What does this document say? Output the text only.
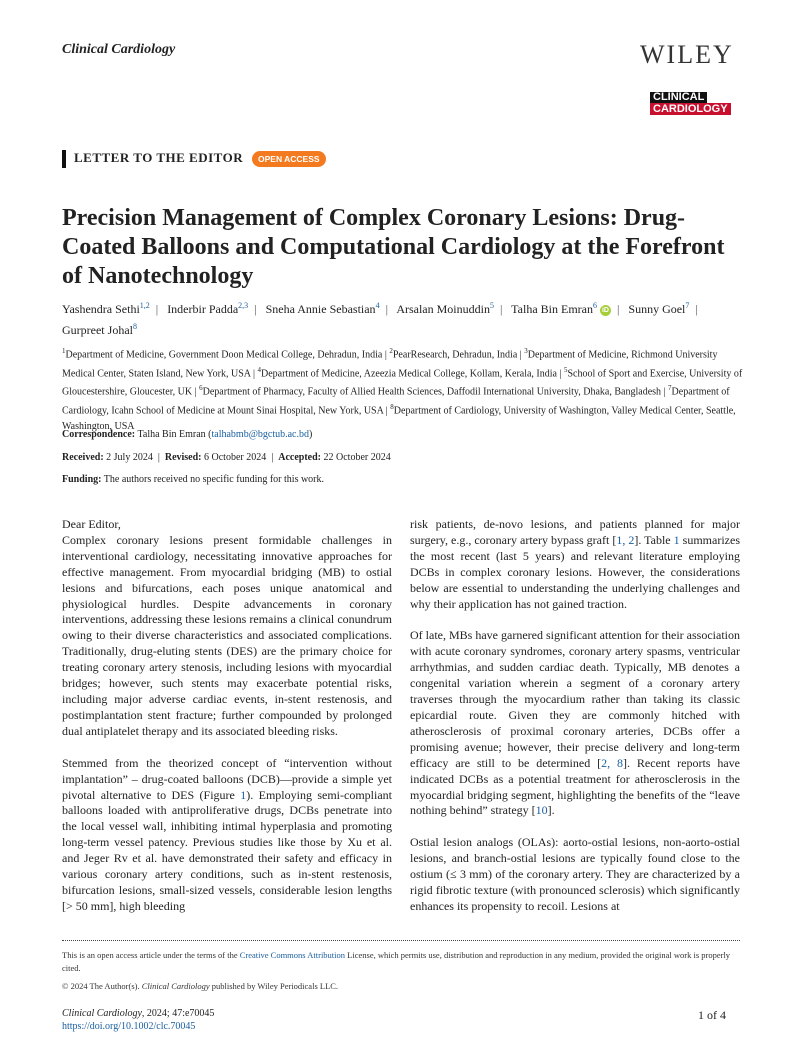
Clinical Cardiology	WILEY
CLINICAL
CARDIOLOGY
LETTER TO THE EDITOR	OPEN ACCESS
Precision Management of Complex Coronary Lesions: Drug-Coated Balloons and Computational Cardiology at the Forefront of Nanotechnology
Yashendra Sethi$^{1,2}$ | Inderbir Padda$^{2,3}$ | Sneha Annie Sebastian$^4$ | Arsalan Moinuddin$^5$ | Talha Bin Emran$^6$iD | Sunny Goel$^7$ |
Gurpreet Johal$^8$
$^1$Department of Medicine, Government Doon Medical College, Dehradun, India | $^2$PearResearch, Dehradun, India | $^3$Department of Medicine, Richmond University Medical Center, Staten Island, New York, USA | $^4$Department of Medicine, Azeezia Medical College, Kollam, Kerala, India | $^5$School of Sport and Exercise, University of Gloucestershire, Gloucester, UK | $^6$Department of Pharmacy, Faculty of Allied Health Sciences, Daffodil International University, Dhaka, Bangladesh | $^7$Department of Cardiology, Icahn School of Medicine at Mount Sinai Hospital, New York, USA | $^8$Department of Cardiology, University of Washington, Valley Medical Center, Seattle, Washington, USA
Correspondence: Talha Bin Emran (talhabmb@bgctub.ac.bd)
Received: 2 July 2024  |  Revised: 6 October 2024  |  Accepted: 22 October 2024
Funding: The authors received no specific funding for this work.

Dear Editor,

Complex coronary lesions present formidable challenges in interventional cardiology, necessitating innovative approaches for effective management. From myocardial bridging (MB) to ostial lesions and bifurcations, each poses unique anatomical and physiological hurdles. Despite advancements in coronary interventions, addressing these lesions remains a clinical conundrum owing to their diverse characteristics and associated complications. Traditionally, drug-eluting stents (DES) are the primary choice for treating coronary artery stenosis, including lesions with myocardial bridges; however, such stents may exacerbate potential risks, including major adverse cardiac events, in-stent restenosis, and postimplantation stent fracture; further compounded by prolonged dual antiplatelet therapy and its associated bleeding risks.

Stemmed from the theorized concept of “intervention without implantation” – drug-coated balloons (DCB)—provide a simple yet pivotal alternative to DES (Figure 1). Employing semi-compliant balloons loaded with antiproliferative drugs, DCBs penetrate into the local vessel wall, inhibiting intimal hyperplasia and promoting long-term vessel patency. Previous studies like those by Xu et al. and Jeger Rv et al. have demonstrated their safety and efficacy in various coronary artery conditions, such as in-stent restenosis, bifurcation lesions, small-sized vessels, considerable lesion lengths [> 50 mm], high bleeding

risk patients, de-novo lesions, and patients planned for major surgery, e.g., coronary artery bypass graft [1, 2]. Table 1 summarizes the most recent (last 5 years) and relevant literature employing DCBs in complex coronary lesions. However, the considerations below are essential to understanding the underlying challenges and why their application has not gained traction.

Of late, MBs have garnered significant attention for their association with acute coronary syndromes, coronary artery spasms, ventricular arrhythmias, and sudden cardiac death. Typically, MB denotes a congenital variation wherein a segment of a coronary artery traverses through the myocardium rather than taking its classic epicardial route. Given they are commonly hitched with atherosclerosis of proximal coronary arteries, DCBs offer a promising avenue; however, their precise delivery and long-term efficacy are still to be determined [2, 8]. Recent reports have indicated DCBs as a potential treatment for atherosclerosis in the myocardial bridging segment, highlighting the benefits of the “leave nothing behind” strategy [10].

Ostial lesion analogs (OLAs): aorto-ostial lesions, non-aorto-ostial lesions, and branch-ostial lesions are typically found close to the ostium (≤ 3 mm) of the coronary artery. They are characterized by a rigid fibrotic texture (with pronounced sclerosis) which significantly enhances its propensity to recoil. Lesions at

This is an open access article under the terms of the Creative Commons Attribution License, which permits use, distribution and reproduction in any medium, provided the original work is properly cited.
© 2024 The Author(s). Clinical Cardiology published by Wiley Periodicals LLC.
Clinical Cardiology, 2024; 47:e70045
https://doi.org/10.1002/clc.70045
1 of 4
